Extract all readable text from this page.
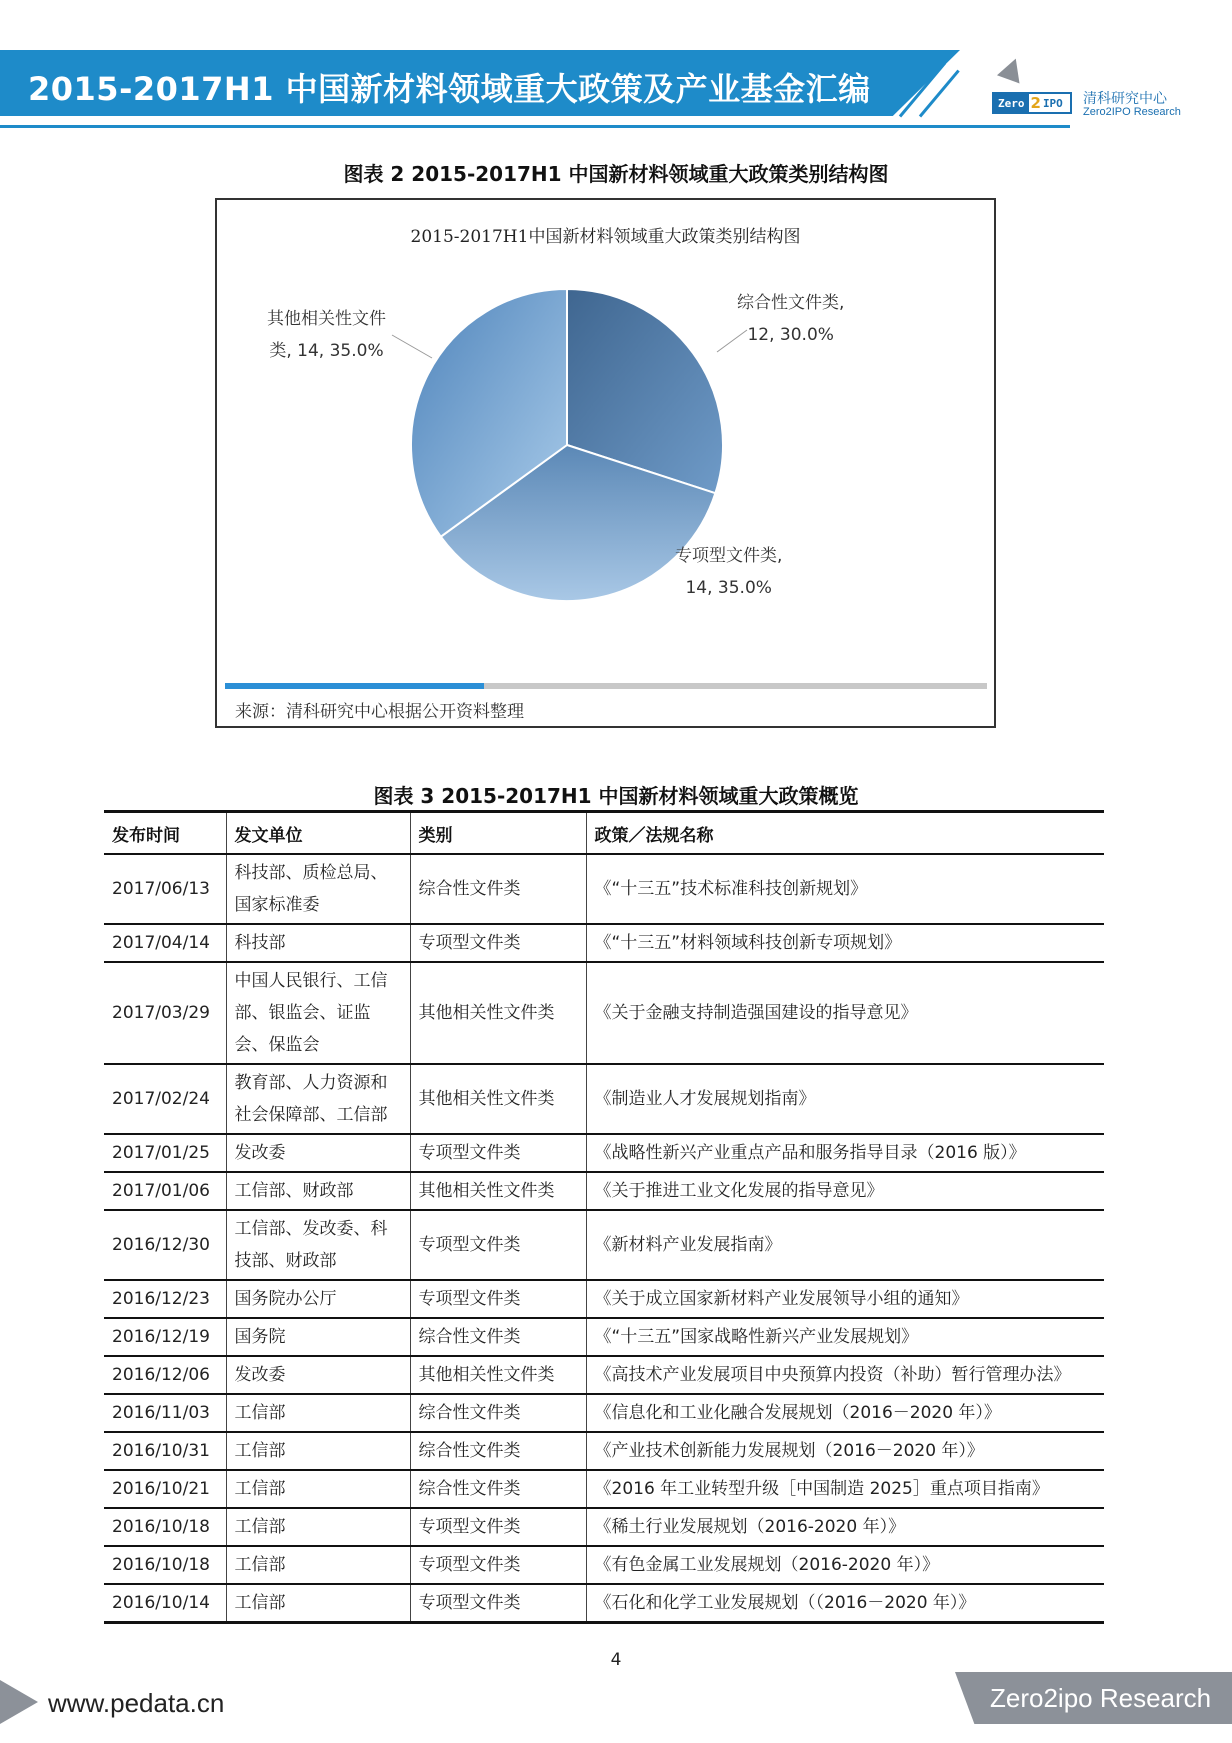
2015-2017H1 中国新材料领域重大政策及产业基金汇编	Zero 2 IPO 清科研究中心
Zero2IPO Research
图表 2 2015-2017H1 中国新材料领域重大政策类别结构图
2015-2017H1中国新材料领域重大政策类别结构图
综合性文件类,
12, 30.0%
专项型文件类,
14, 35.0%
其他相关性文件
类, 14, 35.0%
来源：清科研究中心根据公开资料整理
图表 3 2015-2017H1 中国新材料领域重大政策概览
发布时间	发文单位	类别	政策／法规名称
2017/06/13	科技部、质检总局、国家标准委	综合性文件类	《“十三五”技术标准科技创新规划》
2017/04/14	科技部	专项型文件类	《“十三五”材料领域科技创新专项规划》
2017/03/29	中国人民银行、工信部、银监会、证监会、保监会	其他相关性文件类	《关于金融支持制造强国建设的指导意见》
2017/02/24	教育部、人力资源和社会保障部、工信部	其他相关性文件类	《制造业人才发展规划指南》
2017/01/25	发改委	专项型文件类	《战略性新兴产业重点产品和服务指导目录（2016 版）》
2017/01/06	工信部、财政部	其他相关性文件类	《关于推进工业文化发展的指导意见》
2016/12/30	工信部、发改委、科技部、财政部	专项型文件类	《新材料产业发展指南》
2016/12/23	国务院办公厅	专项型文件类	《关于成立国家新材料产业发展领导小组的通知》
2016/12/19	国务院	综合性文件类	《“十三五”国家战略性新兴产业发展规划》
2016/12/06	发改委	其他相关性文件类	《高技术产业发展项目中央预算内投资（补助）暂行管理办法》
2016/11/03	工信部	综合性文件类	《信息化和工业化融合发展规划（2016－2020 年）》
2016/10/31	工信部	综合性文件类	《产业技术创新能力发展规划（2016－2020 年）》
2016/10/21	工信部	综合性文件类	《2016 年工业转型升级［中国制造 2025］重点项目指南》
2016/10/18	工信部	专项型文件类	《稀土行业发展规划（2016-2020 年）》
2016/10/18	工信部	专项型文件类	《有色金属工业发展规划（2016-2020 年）》
2016/10/14	工信部	专项型文件类	《石化和化学工业发展规划（（2016－2020 年）》
4
www.pedata.cn	Zero2ipo Research
